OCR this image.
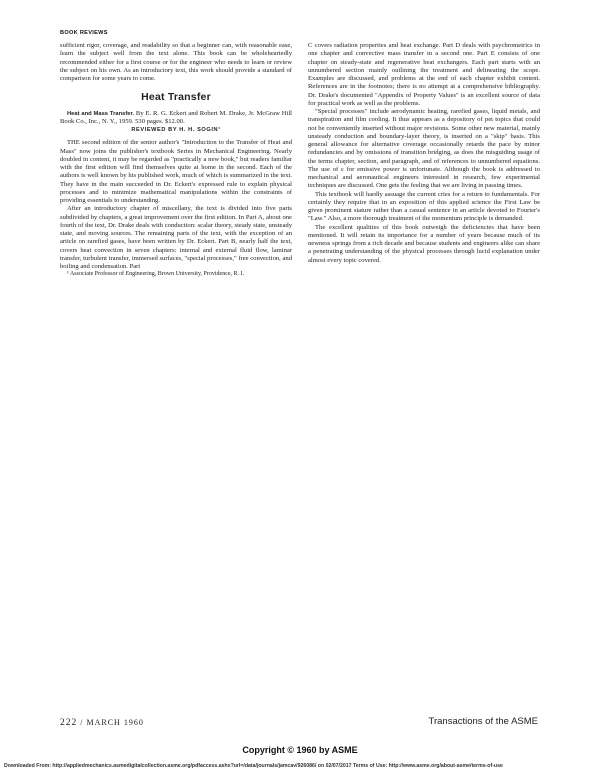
BOOK REVIEWS

sufficient rigor, coverage, and readability so that a beginner can, with reasonable ease, learn the subject well from the text alone. This book can be wholeheartedly recommended either for a first course or for the engineer who needs to learn or review the subject on his own. As an introductory text, this work should provide a standard of comparison for some years to come.

Heat Transfer

Heat and Mass Transfer. By E. R. G. Eckert and Robert M. Drake, Jr. McGraw Hill Book Co., Inc., N. Y., 1959. 530 pages. $12.00.

REVIEWED BY H. H. SOGIN¹

THE second edition of the senior author's "Introduction to the Transfer of Heat and Mass" now joins the publisher's textbook Series in Mechanical Engineering. Nearly doubled in content, it may be regarded as "practically a new book," but readers familiar with the first edition will find themselves quite at home in the second. Each of the authors is well known by his published work, much of which is summarized in the text. They have in the main succeeded in Dr. Eckert's expressed rule to explain physical processes and to minimize mathematical manipulations within the constraints of providing essentials to understanding.

After an introductory chapter of miscellany, the text is divided into five parts subdivided by chapters, a great improvement over the first edition. In Part A, about one fourth of the text, Dr. Drake deals with conduction: scalar theory, steady state, unsteady state, and moving sources. The remaining parts of the text, with the exception of an article on rarefied gases, have been written by Dr. Eckert. Part B, nearly half the text, covers heat convection in seven chapters: internal and external fluid flow, laminar transfer, turbulent transfer, immersed surfaces, "special processes," free convection, and boiling and condensation. Part

¹ Associate Professor of Engineering, Brown University, Providence, R. I.

C covers radiation properties and heat exchange. Part D deals with psychrometrics in one chapter and convective mass transfer in a second one. Part E consists of one chapter on steady-state and regenerative heat exchangers. Each part starts with an unnumbered section mainly outlining the treatment and delineating the scope. Examples are discussed, and problems at the end of each chapter exhibit content. References are in the footnotes; there is no attempt at a comprehensive bibliography. Dr. Drake's documented "Appendix of Property Values" is an excellent source of data for practical work as well as the problems.

"Special processes" include aerodynamic heating, rarefied gases, liquid metals, and transpiration and film cooling. It thus appears as a depository of pet topics that could not be conveniently inserted without major revisions. Some other new material, mainly unsteady conduction and boundary-layer theory, is inserted on a "skip" basis. This general allowance for alternative coverage occasionally retards the pace by minor redundancies and by omissions of transition bridging, as does the misguiding usage of the terms chapter, section, and paragraph, and of references to unnumbered equations. The use of ε for emissive power is unfortunate. Although the book is addressed to mechanical and aeronautical engineers interested in research, few experimental techniques are discussed. One gets the feeling that we are living in passing times.

This textbook will hardly assuage the current cries for a return to fundamentals. For certainly they require that in an exposition of this applied science the First Law be given prominent stature rather than a casual sentence in an article devoted to Fourier's "Law." Also, a more thorough treatment of the momentum principle is demanded.

The excellent qualities of this book outweigh the deficiencies that have been mentioned. It will retain its importance for a number of years because much of its newness springs from a rich decade and because students and engineers alike can share a penetrating understanding of the physical processes through lucid explanation under almost every topic covered.

222 / MARCH 1960	Transactions of the ASME
Copyright © 1960 by ASME
Downloaded From: http://appliedmechanics.asmedigitalcollection.asme.org/pdfaccess.ashx?url=/data/journals/jamcav/926086/ on 02/07/2017 Terms of Use: http://www.asme.org/about-asme/terms-of-use
